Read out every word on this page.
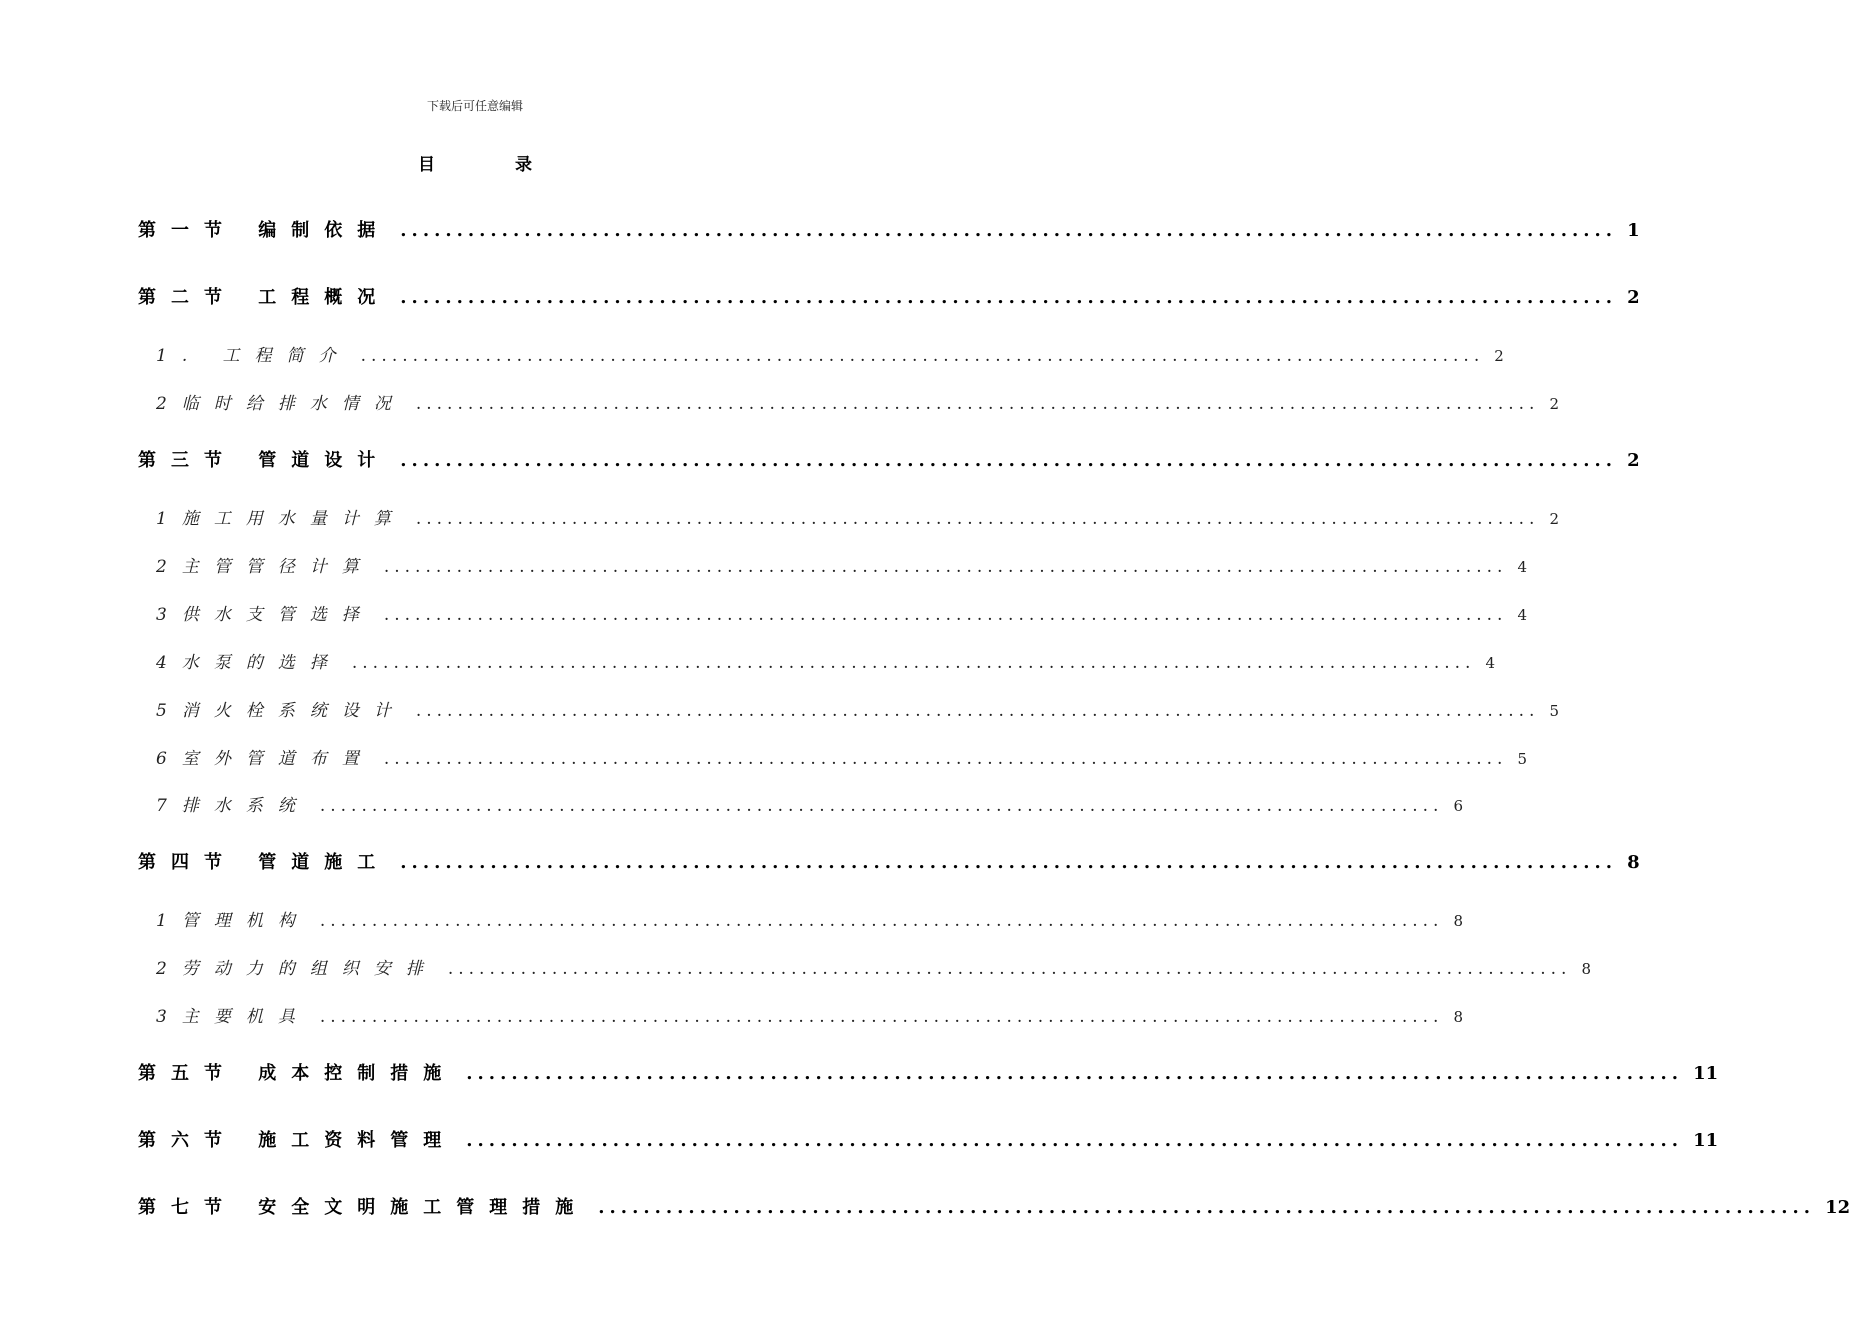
下载后可任意编辑
目	录
第一节 编制依据 ............................................................................................................ 1
第二节 工程概况 ............................................................................................................ 2
1. 工程简介 ............................................................................................................ 2
2临时给排水情况 ............................................................................................................ 2
第三节 管道设计 ............................................................................................................ 2
1施工用水量计算 ............................................................................................................ 2
2主管管径计算 ............................................................................................................ 4
3供水支管选择 ............................................................................................................ 4
4水泵的选择 ............................................................................................................ 4
5消火栓系统设计 ............................................................................................................ 5
6室外管道布置 ............................................................................................................ 5
7排水系统 ............................................................................................................ 6
第四节 管道施工 ............................................................................................................ 8
1管理机构 ............................................................................................................ 8
2劳动力的组织安排 ............................................................................................................ 8
3主要机具 ............................................................................................................ 8
第五节 成本控制措施 ............................................................................................................ 11
第六节 施工资料管理 ............................................................................................................ 11
第七节 安全文明施工管理措施 ............................................................................................................ 12
